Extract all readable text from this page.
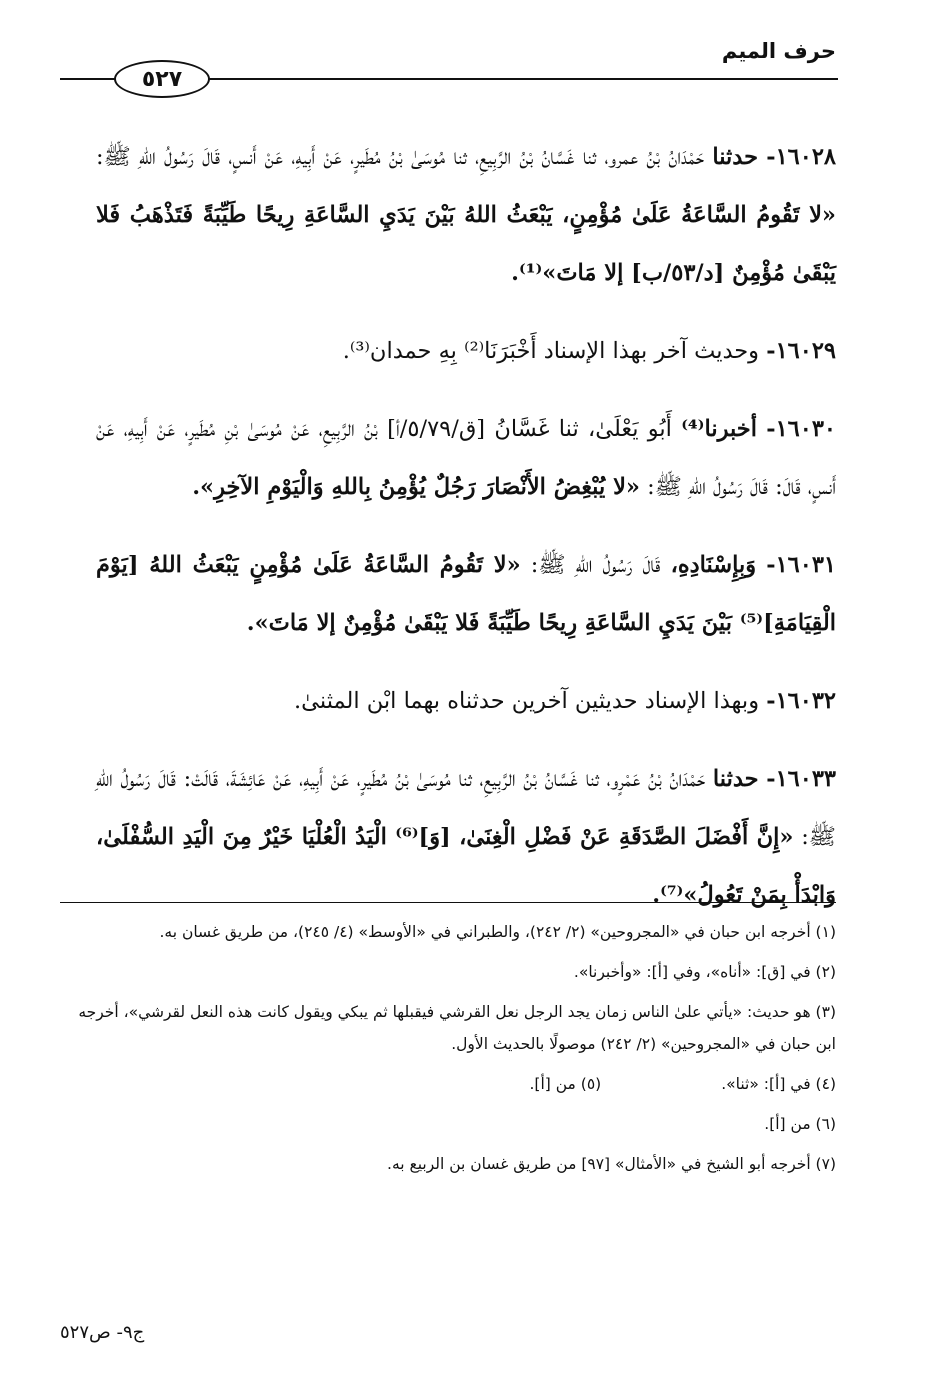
حرف الميم
٥٢٧

١٦٠٢٨- حدثنا حَمْدَانُ بْنُ عمرو، ثنا غَسَّانُ بْنُ الرَّبِيعِ، ثنا مُوسَىٰ بْنُ مُطَيرٍ، عَنْ أَبِيهِ، عَنْ أَنسٍ، قَالَ رَسُولُ اللهِ ﷺ: «لا تَقُومُ السَّاعَةُ عَلَىٰ مُؤْمِنٍ، يَبْعَثُ اللهُ بَيْنَ يَدَيِ السَّاعَةِ رِيحًا طَيِّبَةً فَتَذْهَبُ فَلا يَبْقَىٰ مُؤْمِنٌ [د/٥٣/ب] إلا مَاتَ»⁽¹⁾.

١٦٠٢٩- وحديث آخر بهذا الإسناد أَخْبَرَنَا⁽²⁾ بِهِ حمدان⁽³⁾.

١٦٠٣٠- أخبرنا⁽⁴⁾ أَبُو يَعْلَىٰ، ثنا غَسَّانُ [ق/٥/٧٩/أ] بْنُ الرَّبِيعِ، عَنْ مُوسَىٰ بْنِ مُطَيرٍ، عَنْ أَبِيهِ، عَنْ أَنسٍ، قَالَ: قَالَ رَسُولُ اللهِ ﷺ: «لا يُبْغِضُ الأَنْصَارَ رَجُلٌ يُؤْمِنُ بِاللهِ وَالْيَوْمِ الآخِرِ».

١٦٠٣١- وَبِإِسْنَادِهِ، قَالَ رَسُولُ اللهِ ﷺ: «لا تَقُومُ السَّاعَةُ عَلَىٰ مُؤْمِنٍ يَبْعَثُ اللهُ [يَوْمَ الْقِيَامَةِ]⁽⁵⁾ بَيْنَ يَدَيِ السَّاعَةِ رِيحًا طَيِّبَةً فَلا يَبْقَىٰ مُؤْمِنٌ إلا مَاتَ».

١٦٠٣٢- وبهذا الإسناد حديثين آخرين حدثناه بهما ابْن المثنىٰ.

١٦٠٣٣- حدثنا حَمْدَانُ بْنُ عَمْرٍو، ثنا غَسَّانُ بْنُ الرَّبِيعِ، ثنا مُوسَىٰ بْنُ مُطَيرٍ، عَنْ أَبِيهِ، عَنْ عَائِشَةَ، قَالَتْ: قَالَ رَسُولُ اللهِ ﷺ: «إِنَّ أَفْضَلَ الصَّدَقَةِ عَنْ فَضْلِ الْغِنَىٰ، [وَ]⁽⁶⁾ الْيَدُ الْعُلْيَا خَيْرٌ مِنَ الْيَدِ السُّفْلَىٰ، وَابْدَأْ بِمَنْ تَعُولُ»⁽⁷⁾.

(١) أخرجه ابن حبان في «المجروحين» (٢/ ٢٤٢)، والطبراني في «الأوسط» (٤/ ٢٤٥)، من طريق غسان به.
(٢) في [ق]: «أناه»، وفي [أ]: «وأخبرنا».
(٣) هو حديث: «يأتي علىٰ الناس زمان يجد الرجل نعل القرشي فيقبلها ثم يبكي ويقول كانت هذه النعل لقرشي»، أخرجه ابن حبان في «المجروحين» (٢/ ٢٤٢) موصولًا بالحديث الأول.
(٤) في [أ]: «ثنا».
(٥) من [أ].
(٦) من [أ].
(٧) أخرجه أبو الشيخ في «الأمثال» [٩٧] من طريق غسان بن الربيع به.
ج٩- ص٥٢٧
